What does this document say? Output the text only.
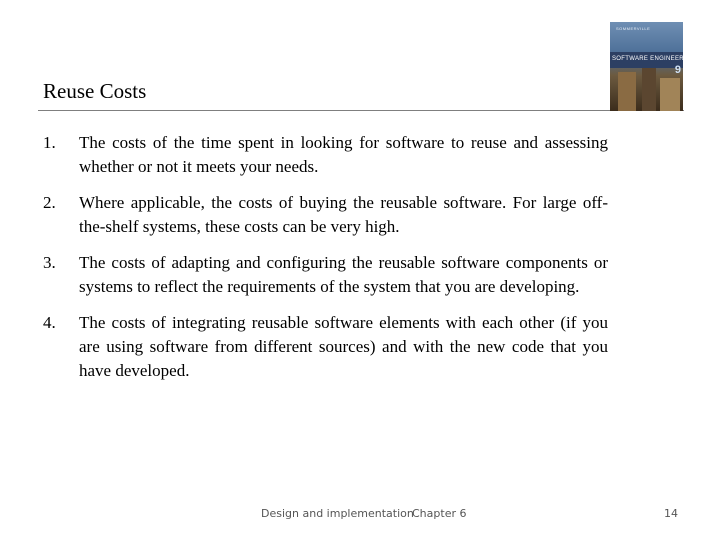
Reuse Costs
SOMMERVILLE
SOFTWARE ENGINEERING
9
1. The costs of the time spent in looking for software to reuse and assessing whether or not it meets your needs.
2. Where applicable, the costs of buying the reusable software. For large off-the-shelf systems, these costs can be very high.
3. The costs of adapting and configuring the reusable software components or systems to reflect the requirements of the system that you are developing.
4. The costs of integrating reusable software elements with each other (if you are using software from different sources) and with the new code that you have developed.
Design and implementation
Chapter 6	14
